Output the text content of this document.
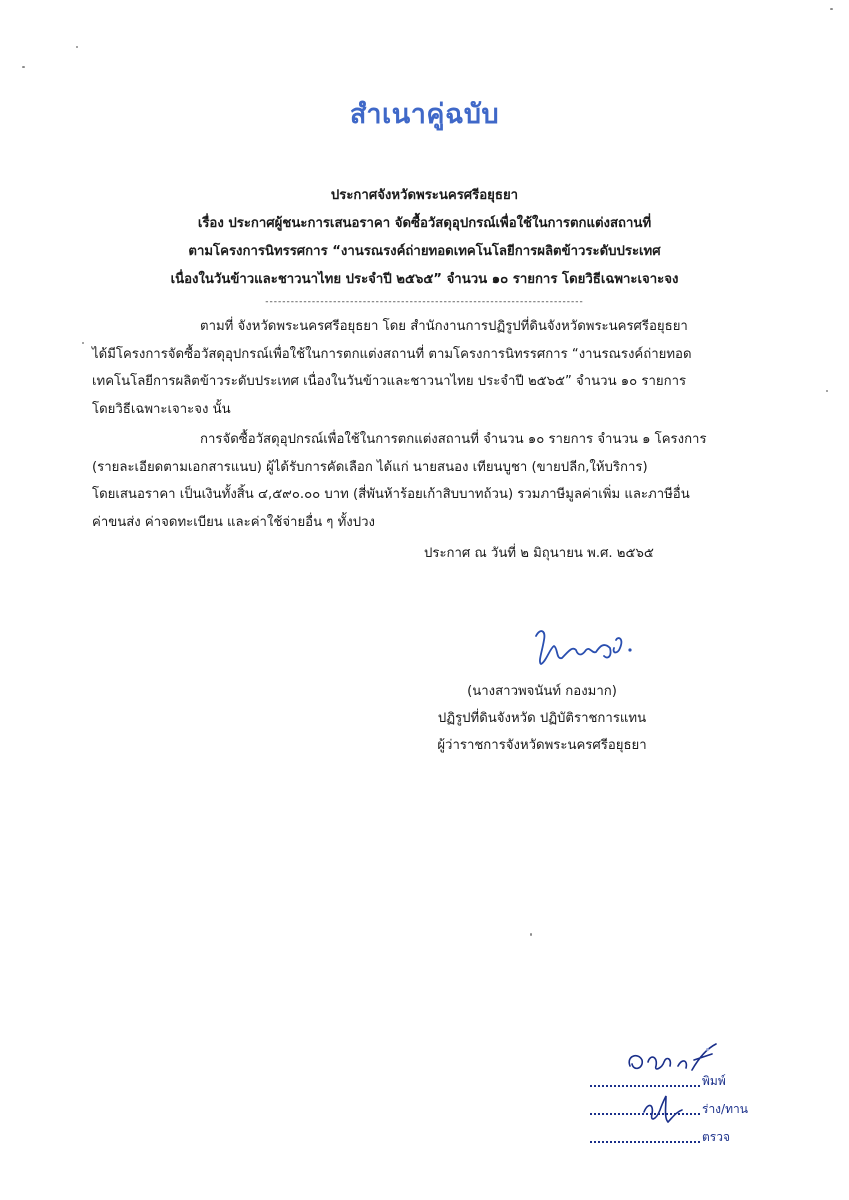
สำเนาคู่ฉบับ
ประกาศจังหวัดพระนครศรีอยุธยา
เรื่อง ประกาศผู้ชนะการเสนอราคา จัดซื้อวัสดุอุปกรณ์เพื่อใช้ในการตกแต่งสถานที่
ตามโครงการนิทรรศการ “งานรณรงค์ถ่ายทอดเทคโนโลยีการผลิตข้าวระดับประเทศ
เนื่องในวันข้าวและชาวนาไทย ประจำปี ๒๕๖๕” จำนวน ๑๐ รายการ โดยวิธีเฉพาะเจาะจง
---------------------------------------------------------------------------
ตามที่ จังหวัดพระนครศรีอยุธยา โดย สำนักงานการปฏิรูปที่ดินจังหวัดพระนครศรีอยุธยา
ได้มีโครงการจัดซื้อวัสดุอุปกรณ์เพื่อใช้ในการตกแต่งสถานที่ ตามโครงการนิทรรศการ “งานรณรงค์ถ่ายทอด
เทคโนโลยีการผลิตข้าวระดับประเทศ เนื่องในวันข้าวและชาวนาไทย ประจำปี ๒๕๖๕” จำนวน ๑๐ รายการ
โดยวิธีเฉพาะเจาะจง นั้น
การจัดซื้อวัสดุอุปกรณ์เพื่อใช้ในการตกแต่งสถานที่ จำนวน ๑๐ รายการ จำนวน ๑ โครงการ
(รายละเอียดตามเอกสารแนบ) ผู้ได้รับการคัดเลือก ได้แก่ นายสนอง เทียนบูชา (ขายปลีก,ให้บริการ)
โดยเสนอราคา เป็นเงินทั้งสิ้น ๔,๕๙๐.๐๐ บาท (สี่พันห้าร้อยเก้าสิบบาทถ้วน) รวมภาษีมูลค่าเพิ่ม และภาษีอื่น
ค่าขนส่ง ค่าจดทะเบียน และค่าใช้จ่ายอื่น ๆ ทั้งปวง
ประกาศ ณ วันที่ ๒ มิถุนายน พ.ศ. ๒๕๖๕
(นางสาวพจนันท์ กองมาก)
ปฏิรูปที่ดินจังหวัด ปฏิบัติราชการแทน
ผู้ว่าราชการจังหวัดพระนครศรีอยุธยา
พิมพ์
ร่าง/ทาน
ตรวจ
